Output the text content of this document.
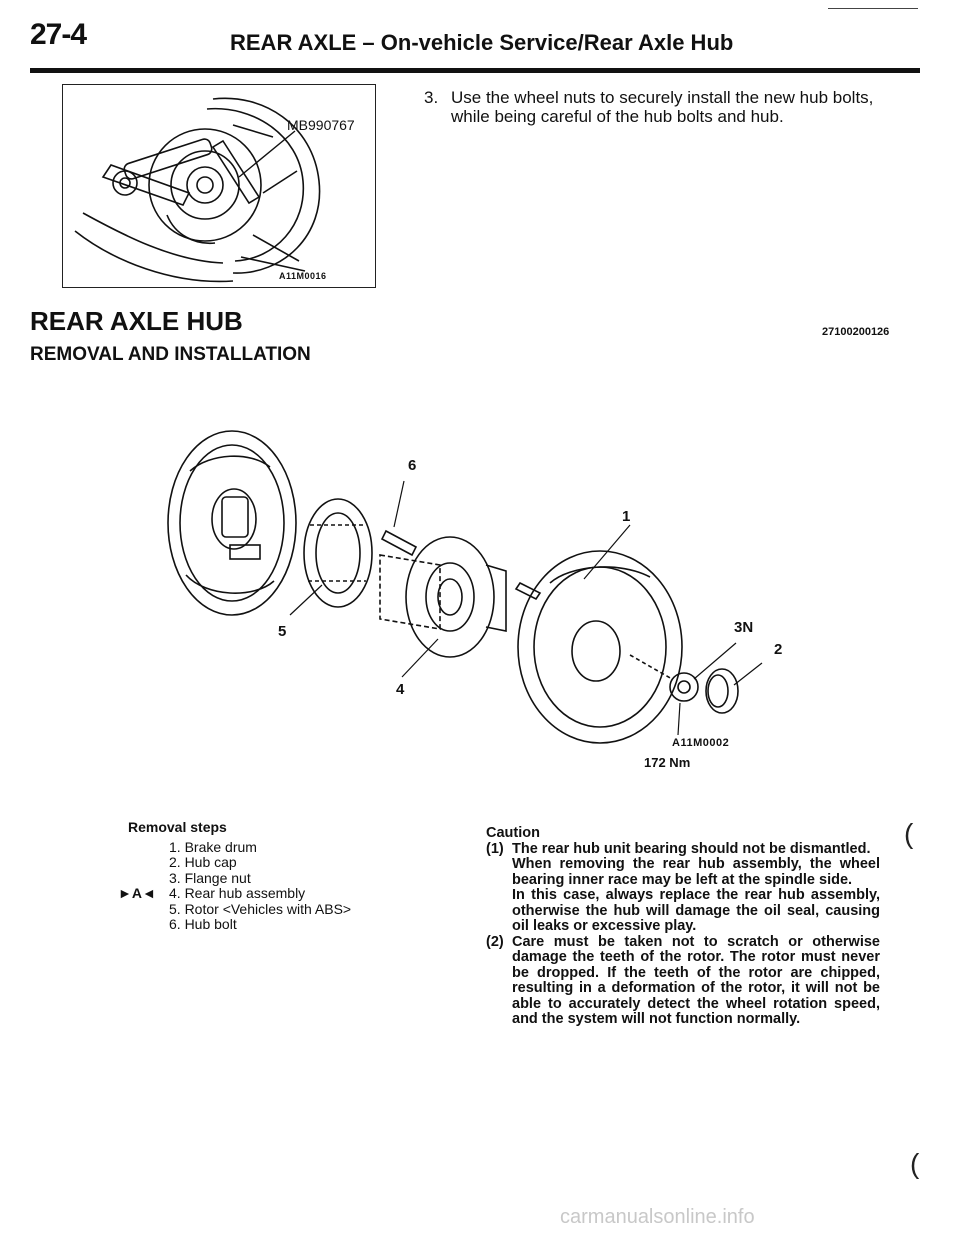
27-4	REAR AXLE – On-vehicle Service/Rear Axle Hub
MB990767
A11M0016
3. Use the wheel nuts to securely install the new hub bolts, while being careful of the hub bolts and hub.
REAR AXLE HUB
REMOVAL AND INSTALLATION
27100200126
6
1
5
4
2
3N
A11M0002
172 Nm
Removal steps
1. Brake drum
2. Hub cap
3. Flange nut
►A◄ 4. Rear hub assembly
5. Rotor <Vehicles with ABS>
6. Hub bolt
Caution
(1) The rear hub unit bearing should not be dismantled.
When removing the rear hub assembly, the wheel bearing inner race may be left at the spindle side.
In this case, always replace the rear hub assembly, otherwise the hub will damage the oil seal, causing oil leaks or excessive play.
(2) Care must be taken not to scratch or otherwise damage the teeth of the rotor. The rotor must never be dropped. If the teeth of the rotor are chipped, resulting in a deformation of the rotor, it will not be able to accurately detect the wheel rotation speed, and the system will not function normally.
(
(
carmanualsonline.info
